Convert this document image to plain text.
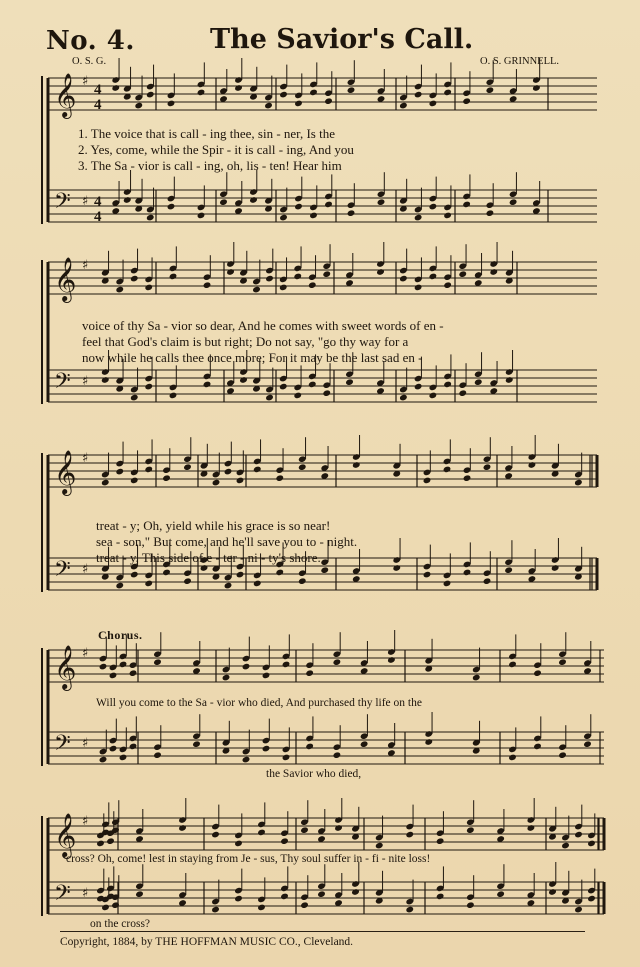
No. 4.	The Savior's Call.
O. S. G.	O. S. GRINNELL.
𝄞 ♯
4
4
𝄢 ♯ 4
4
𝄞 ♯
𝄢 ♯
𝄞 ♯
𝄢 ♯
𝄞 ♯
𝄢 ♯
𝄞 ♯
𝄢 ♯
1. The voice that is call - ing thee, sin - ner, Is the
2. Yes, come, while the Spir - it is call - ing, And you
3. The Sa - vior is call - ing, oh, lis - ten! Hear him
voice of thy Sa - vior so dear, And he comes with sweet words of en -
feel that God's claim is but right; Do not say, "go thy way for a
now while he calls thee once more; For it may be the last sad en -
treat - y; Oh, yield while his grace is so near!
sea - son," But come, and he'll save you to - night.
treat - y, This side of e - ter - ni - ty's shore.
Chorus.
Will you come to the Sa - vior who died, And purchased thy life on the
the Savior who died,
cross? Oh, come! lest in staying from Je - sus, Thy soul suffer in - fi - nite loss!
on the cross?
Copyright, 1884, by THE HOFFMAN MUSIC CO., Cleveland.
